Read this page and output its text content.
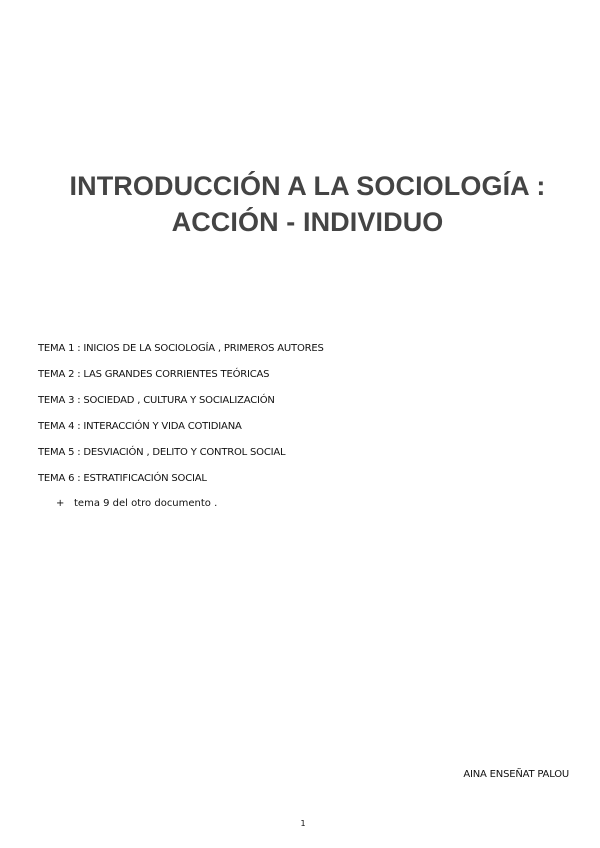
INTRODUCCIÓN A LA SOCIOLOGÍA :
ACCIÓN - INDIVIDUO
TEMA 1 : INICIOS DE LA SOCIOLOGÍA , PRIMEROS AUTORES
TEMA 2 : LAS GRANDES CORRIENTES TEÓRICAS
TEMA 3 : SOCIEDAD , CULTURA Y SOCIALIZACIÓN
TEMA 4 : INTERACCIÓN Y VIDA COTIDIANA
TEMA 5 : DESVIACIÓN , DELITO Y CONTROL SOCIAL
TEMA 6 : ESTRATIFICACIÓN SOCIAL
+ tema 9 del otro documento .
AINA ENSEÑAT PALOU
1
